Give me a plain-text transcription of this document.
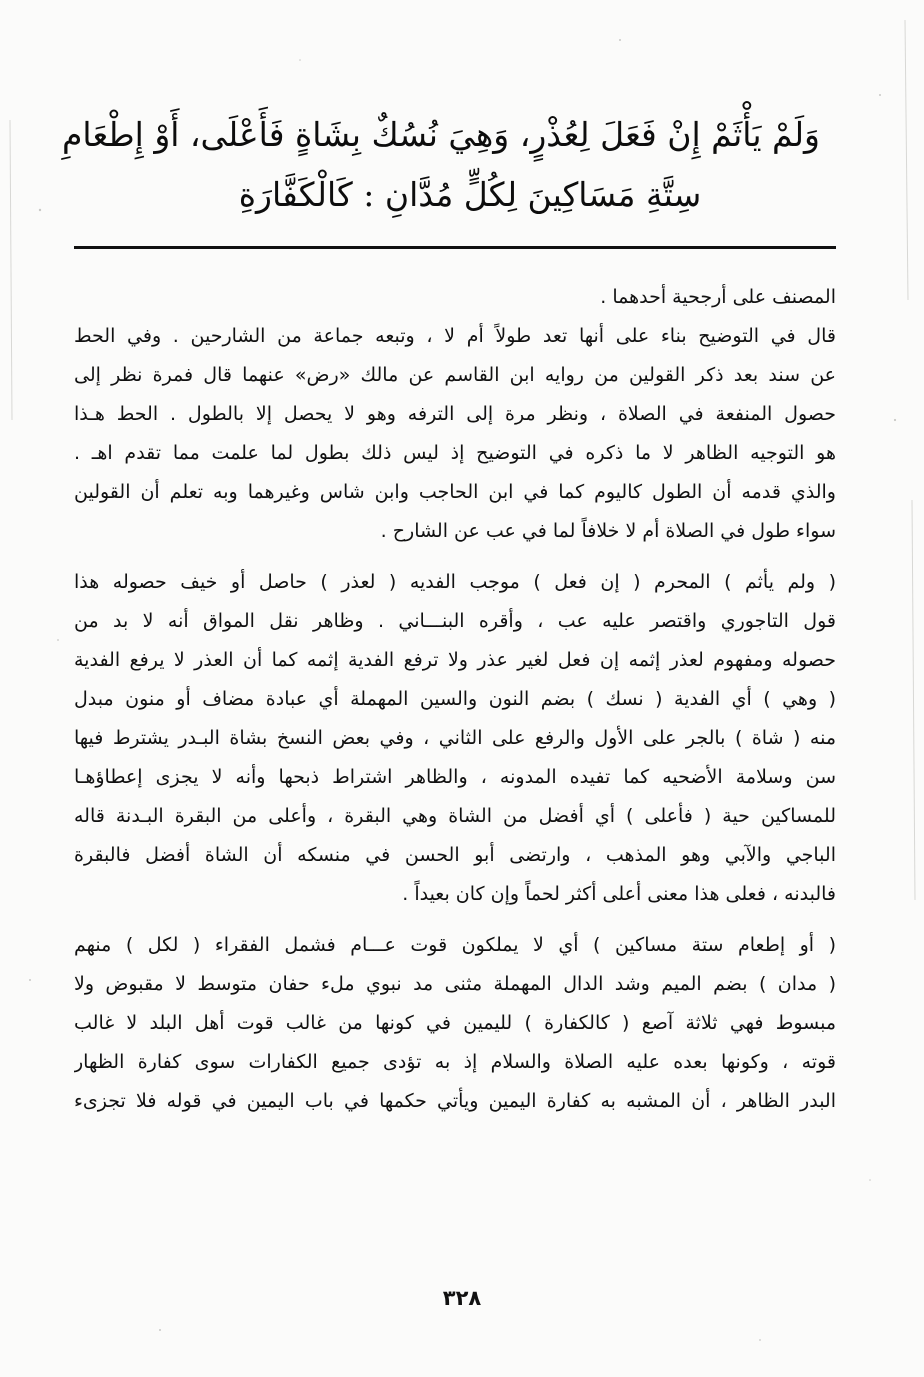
وَلَمْ يَأْثَمْ إِنْ فَعَلَ لِعُذْرٍ، وَهِيَ نُسُكٌ بِشَاةٍ فَأَعْلَى، أَوْ إِطْعَامِ
سِتَّةِ مَسَاكِينَ لِكُلٍّ مُدَّانِ : كَالْكَفَّارَةِ
المصنف على أرجحية أحدهما .
قال في التوضيح بناء على أنها تعد طولاً أم لا ، وتبعه جماعة من الشارحين . وفي الحط
عن سند بعد ذكر القولين من روايه ابن القاسم عن مالك «رض» عنهما قال فمرة نظر إلى
حصول المنفعة في الصلاة ، ونظر مرة إلى الترفه وهو لا يحصل إلا بالطول . الحط هـذا
هو التوجيه الظاهر لا ما ذكره في التوضيح إذ ليس ذلك بطول لما علمت مما تقدم اهـ .
والذي قدمه أن الطول كاليوم كما في ابن الحاجب وابن شاس وغيرهما وبه تعلم أن القولين
سواء طول في الصلاة أم لا خلافاً لما في عب عن الشارح .
( ولم يأثم ) المحرم ( إن فعل ) موجب الفديه ( لعذر ) حاصل أو خيف حصوله هذا
قول التاجوري واقتصر عليه عب ، وأقره البنـــاني . وظاهر نقل المواق أنه لا بد من
حصوله ومفهوم لعذر إثمه إن فعل لغير عذر ولا ترفع الفدية إثمه كما أن العذر لا يرفع الفدية
( وهي ) أي الفدية ( نسك ) بضم النون والسين المهملة أي عبادة مضاف أو منون مبدل
منه ( شاة ) بالجر على الأول والرفع على الثاني ، وفي بعض النسخ بشاة البـدر يشترط فيها
سن وسلامة الأضحيه كما تفيده المدونه ، والظاهر اشتراط ذبحها وأنه لا يجزى إعطاؤهـا
للمساكين حية ( فأعلى ) أي أفضل من الشاة وهي البقرة ، وأعلى من البقرة البـدنة قاله
الباجي والآبي وهو المذهب ، وارتضى أبو الحسن في منسكه أن الشاة أفضل فالبقرة
فالبدنه ، فعلى هذا معنى أعلى أكثر لحماً وإن كان بعيداً .
( أو إطعام ستة مساكين ) أي لا يملكون قوت عـــام فشمل الفقراء ( لكل ) منهم
( مدان ) بضم الميم وشد الدال المهملة مثنى مد نبوي ملء حفان متوسط لا مقبوض ولا
مبسوط فهي ثلاثة آصع ( كالكفارة ) لليمين في كونها من غالب قوت أهل البلد لا غالب
قوته ، وكونها بعده عليه الصلاة والسلام إذ به تؤدى جميع الكفارات سوى كفارة الظهار
البدر الظاهر ، أن المشبه به كفارة اليمين ويأتي حكمها في باب اليمين في قوله فلا تجزىء
٣٢٨
